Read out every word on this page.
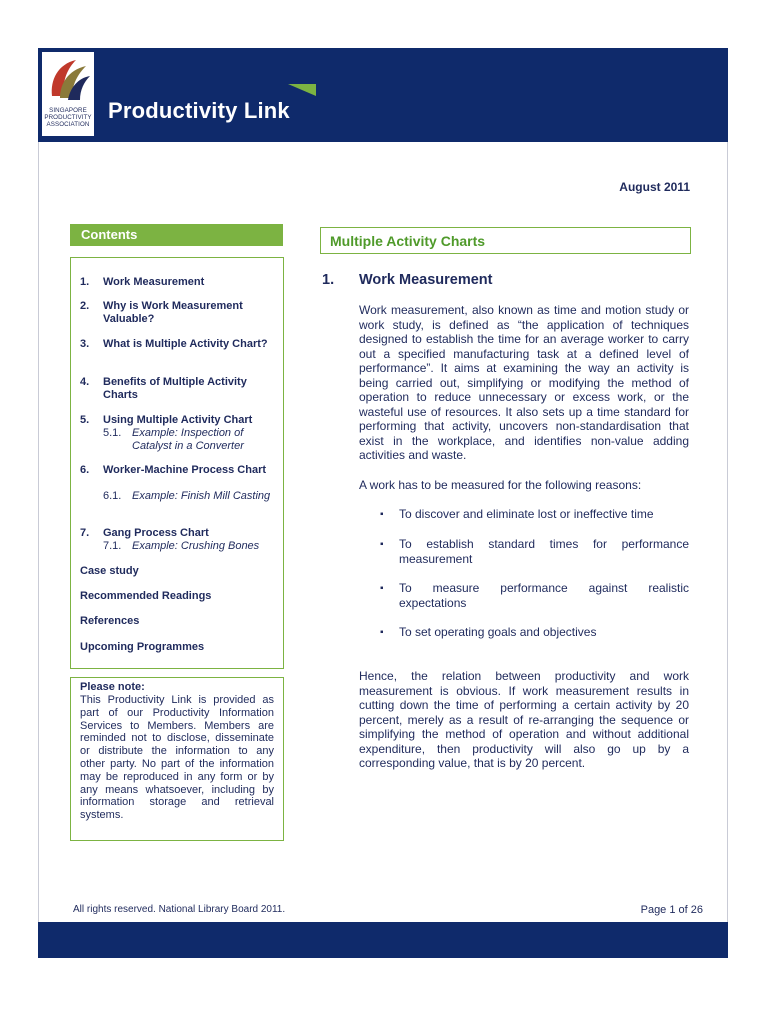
SINGAPORE PRODUCTIVITY ASSOCIATION
Productivity Link
August 2011
Contents
1. Work Measurement
2. Why is Work Measurement Valuable?
3. What is Multiple Activity Chart?
4. Benefits of Multiple Activity Charts
5. Using Multiple Activity Chart
5.1. Example: Inspection of Catalyst in a Converter
6. Worker-Machine Process Chart
6.1. Example: Finish Mill Casting
7. Gang Process Chart
7.1. Example: Crushing Bones
Case study
Recommended Readings
References
Upcoming Programmes
Please note:
This Productivity Link is provided as part of our Productivity Information Services to Members. Members are reminded not to disclose, disseminate or distribute the information to any other party. No part of the information may be reproduced in any form or by any means whatsoever, including by information storage and retrieval systems.
Multiple Activity Charts
1. Work Measurement
Work measurement, also known as time and motion study or work study, is defined as “the application of techniques designed to establish the time for an average worker to carry out a specified manufacturing task at a defined level of performance”. It aims at examining the way an activity is being carried out, simplifying or modifying the method of operation to reduce unnecessary or excess work, or the wasteful use of resources. It also sets up a time standard for performing that activity, uncovers non-standardisation that exist in the workplace, and identifies non-value adding activities and waste.
A work has to be measured for the following reasons:
▪ To discover and eliminate lost or ineffective time
▪ To establish standard times for performance measurement
▪ To measure performance against realistic expectations
▪ To set operating goals and objectives
Hence, the relation between productivity and work measurement is obvious. If work measurement results in cutting down the time of performing a certain activity by 20 percent, merely as a result of re-arranging the sequence or simplifying the method of operation and without additional expenditure, then productivity will also go up by a corresponding value, that is by 20 percent.
All rights reserved. National Library Board 2011.	Page 1 of 26
